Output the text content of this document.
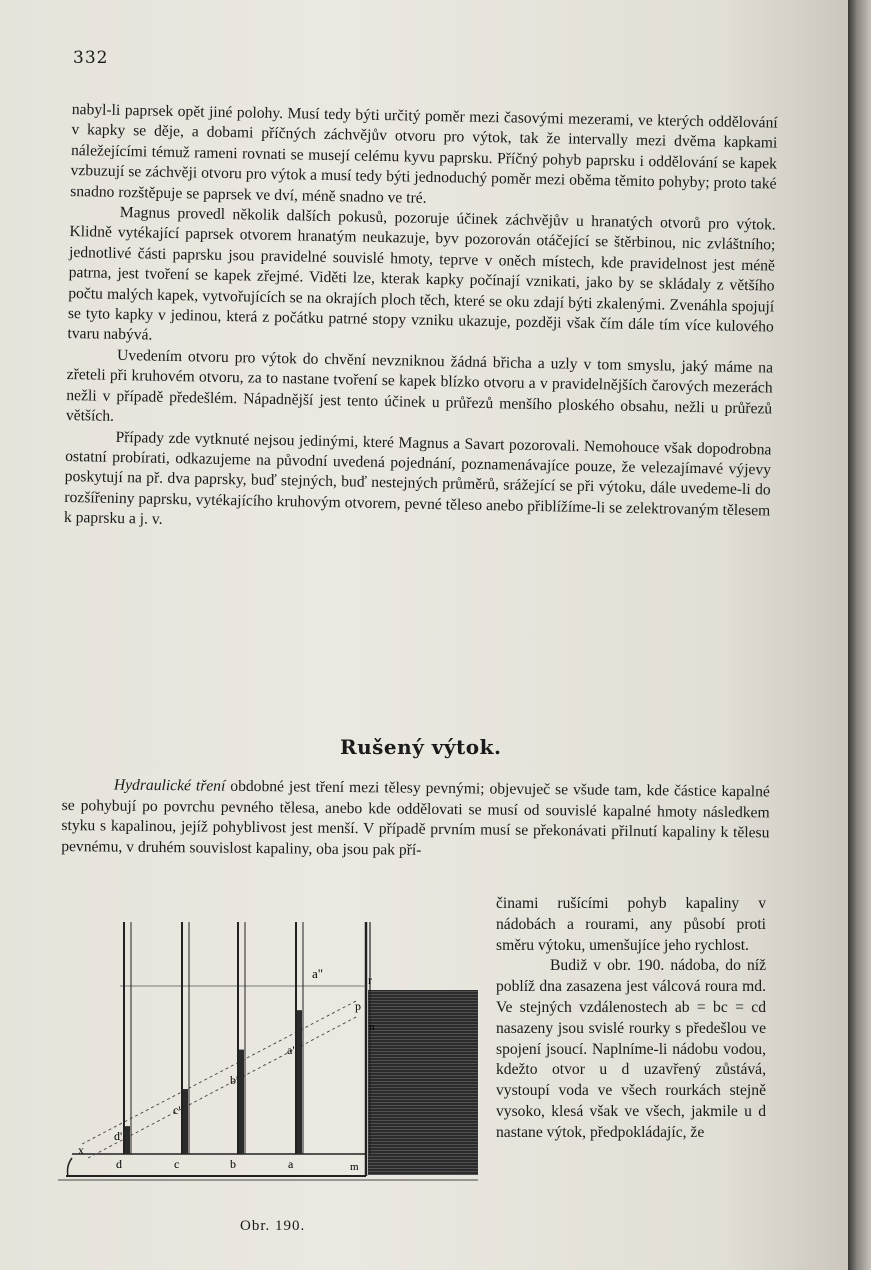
332

nabyl-li paprsek opět jiné polohy. Musí tedy býti určitý poměr mezi časovými mezerami, ve kterých oddělování v kapky se děje, a dobami příčných záchvějův otvoru pro výtok, tak že intervally mezi dvěma kapkami náležejícími témuž rameni rovnati se musejí celému kyvu paprsku. Příčný pohyb paprsku i oddělování se kapek vzbuzují se záchvěji otvoru pro výtok a musí tedy býti jednoduchý poměr mezi oběma těmito pohyby; proto také snadno rozštěpuje se paprsek ve dví, méně snadno ve tré.

Magnus provedl několik dalších pokusů, pozoruje účinek záchvějův u hranatých otvorů pro výtok. Klidně vytékající paprsek otvorem hranatým neukazuje, byv pozorován otáčející se štěrbinou, nic zvláštního; jednotlivé části paprsku jsou pravidelné souvislé hmoty, teprve v oněch místech, kde pravidelnost jest méně patrna, jest tvoření se kapek zřejmé. Viděti lze, kterak kapky počínají vznikati, jako by se skládaly z většího počtu malých kapek, vytvořujících se na okrajích ploch těch, které se oku zdají býti zkalenými. Zvenáhla spojují se tyto kapky v jedinou, která z počátku patrné stopy vzniku ukazuje, později však čím dále tím více kulového tvaru nabývá.

Uvedením otvoru pro výtok do chvění nevzniknou žádná břicha a uzly v tom smyslu, jaký máme na zřeteli při kruhovém otvoru, za to nastane tvoření se kapek blízko otvoru a v pravidelnějších čarových mezerách nežli v případě předešlém. Nápadnější jest tento účinek u průřezů menšího ploského obsahu, nežli u průřezů větších.

Případy zde vytknuté nejsou jedinými, které Magnus a Savart pozorovali. Nemohouce však dopodrobna ostatní probírati, odkazujeme na původní uvedená pojednání, poznamenávajíce pouze, že velezajímavé výjevy poskytují na př. dva paprsky, buď stejných, buď nestejných průměrů, srážející se při výtoku, dále uvedeme-li do rozšířeniny paprsku, vytékajícího kruhovým otvorem, pevné těleso anebo přiblížíme-li se zelektrovaným tělesem k paprsku a j. v.

Rušený výtok.

Hydraulické tření obdobné jest tření mezi tělesy pevnými; objevuječ se všude tam, kde částice kapalné se pohybují po povrchu pevného tělesa, anebo kde oddělovati se musí od souvislé kapalné hmoty následkem styku s kapalinou, jejíž pohyblivost jest menší. V případě prvním musí se překonávati přilnutí kapaliny k tělesu pevnému, v druhém souvislost kapaliny, oba jsou pak pří-

činami rušícími pohyb kapaliny v nádobách a rourami, any působí proti směru výtoku, umenšujíce jeho rychlost.

Budiž v obr. 190. nádoba, do níž poblíž dna zasazena jest válcová roura md. Ve stejných vzdálenostech ab = bc = cd nasazeny jsou svislé rourky s předešlou ve spojení jsoucí. Naplníme-li nádobu vodou, kdežto otvor u d uzavřený zůstává, vystoupí voda ve všech rourkách stejně vysoko, klesá však ve všech, jakmile u d nastane výtok, předpokládajíc, že

a"	r
p
n
a'
b'
c'
d'
x
d	c	b	a	m
Obr. 190.
